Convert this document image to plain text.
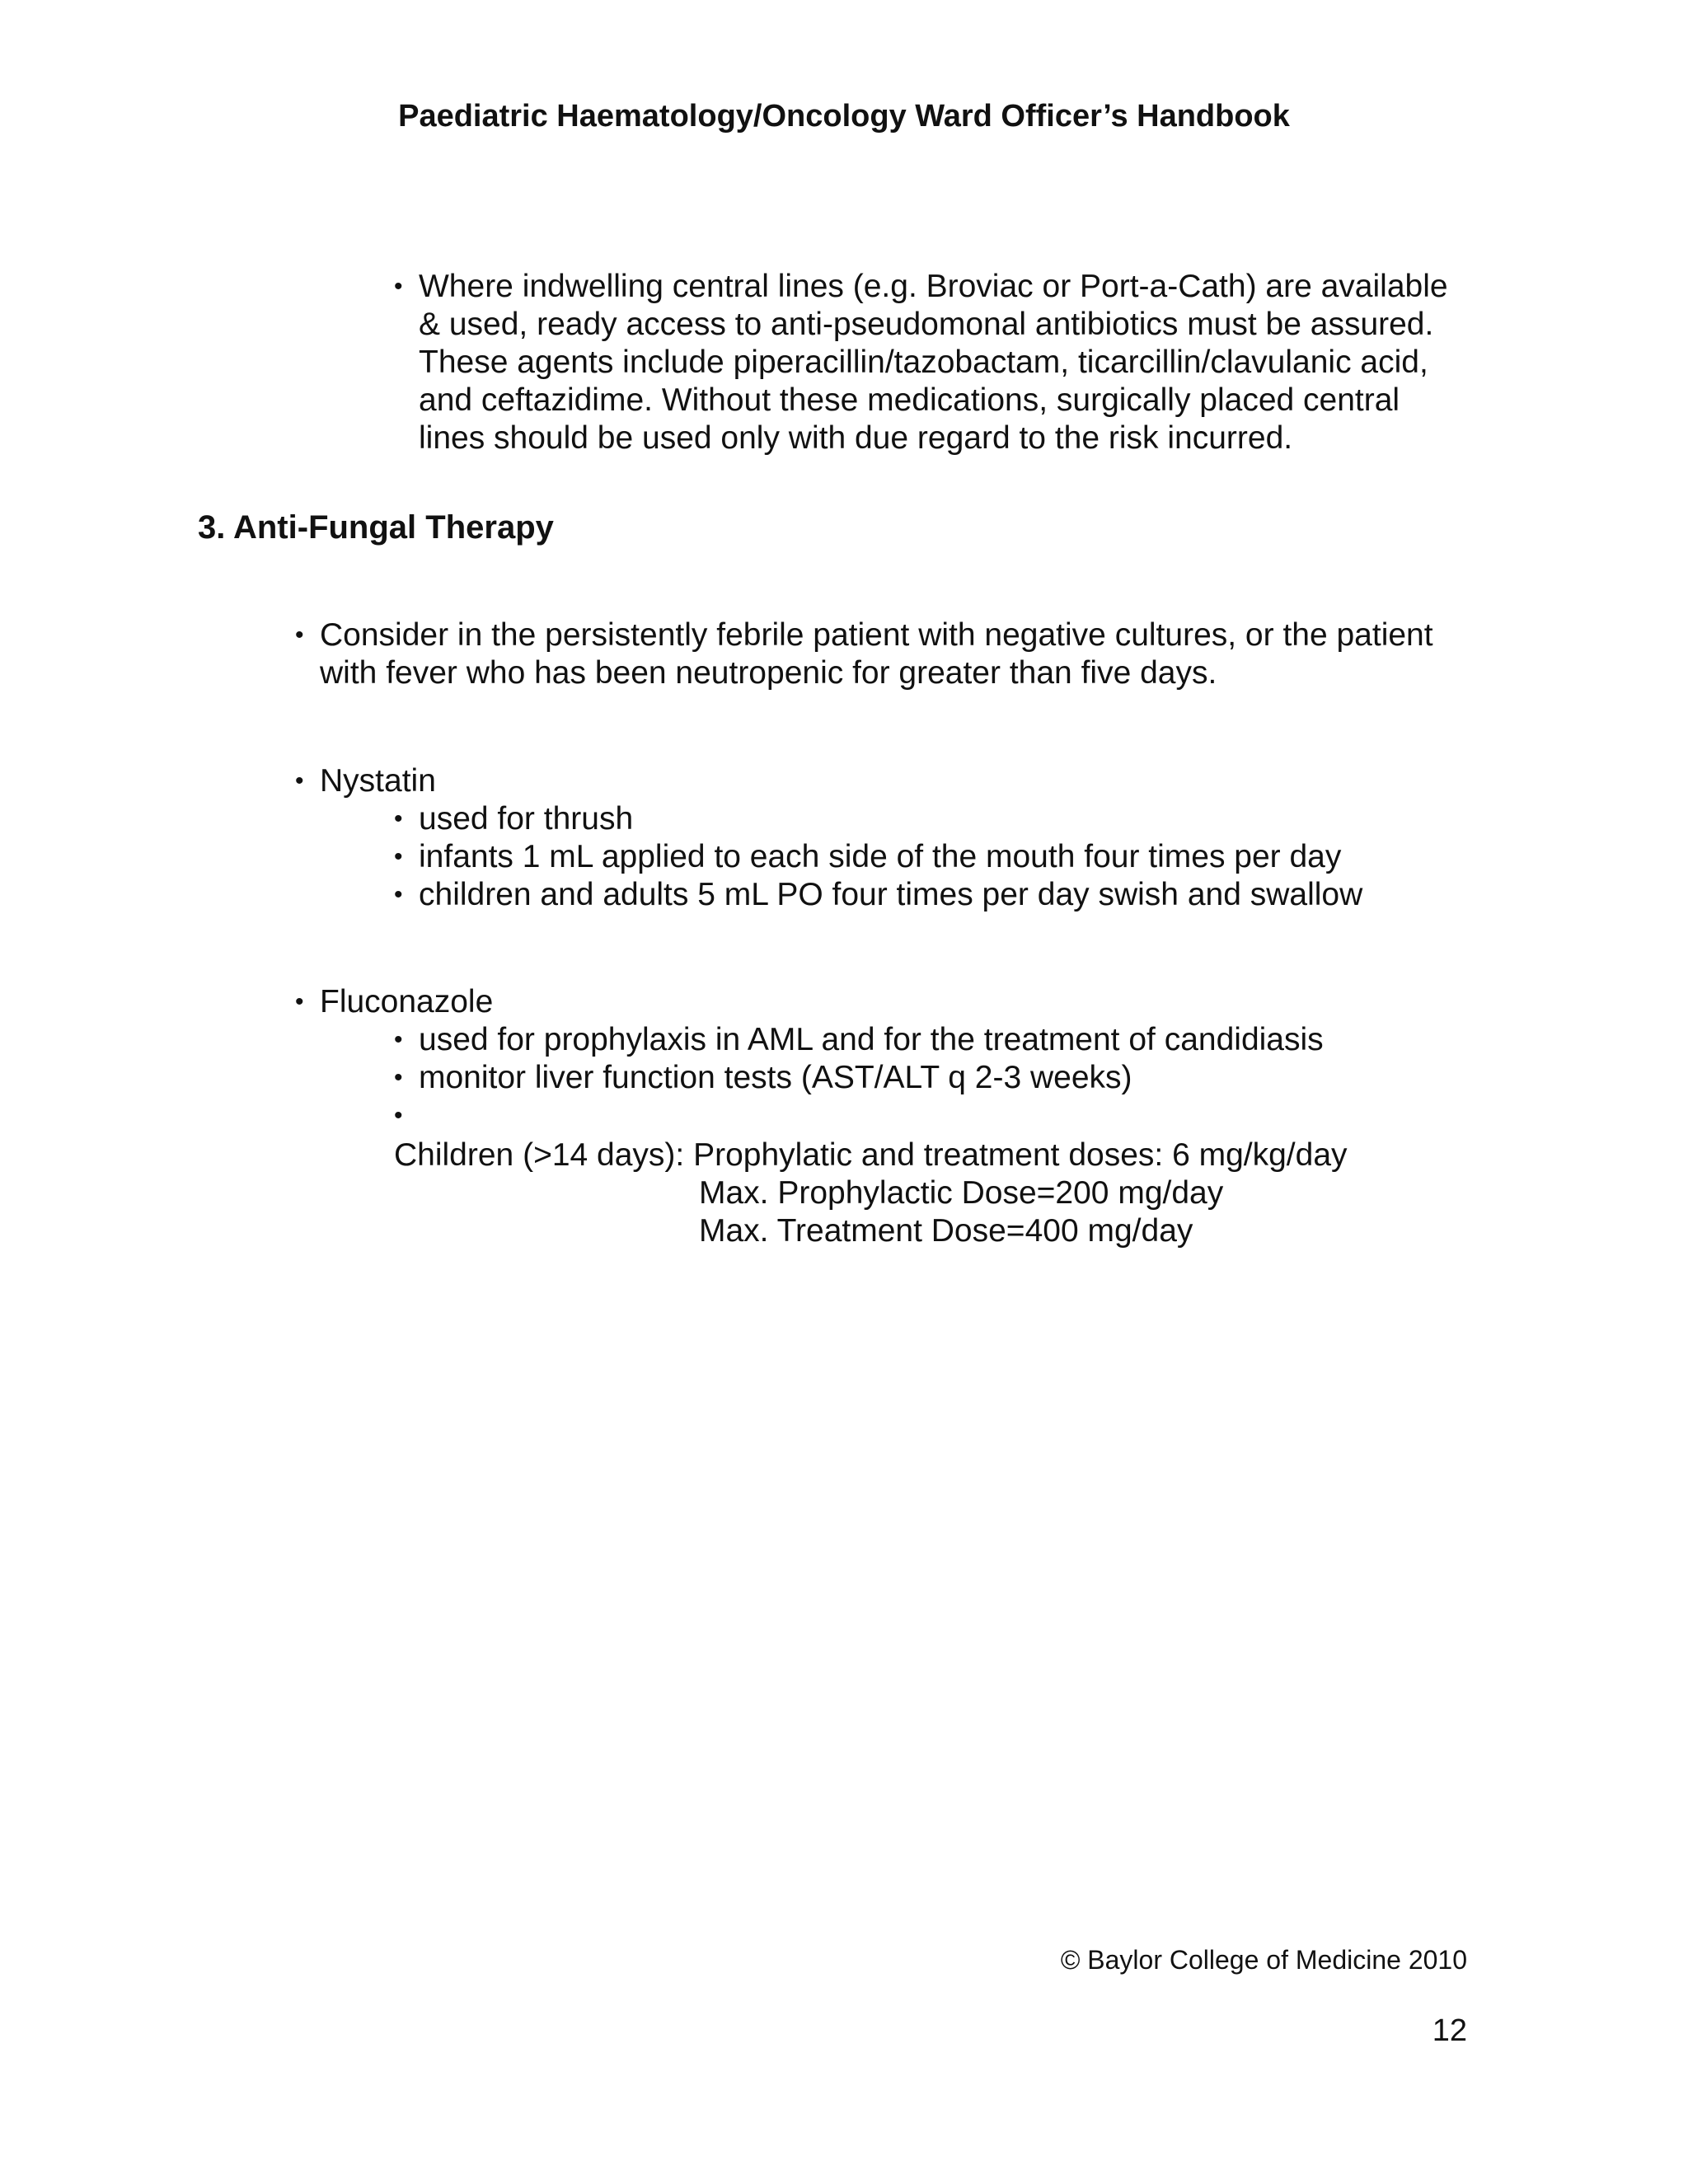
Paediatric Haematology/Oncology Ward Officer’s Handbook
• Where indwelling central lines (e.g. Broviac or Port-a-Cath) are available
& used, ready access to anti-pseudomonal antibiotics must be assured.
These agents include piperacillin/tazobactam, ticarcillin/clavulanic acid,
and ceftazidime. Without these medications, surgically placed central
lines should be used only with due regard to the risk incurred.
3. Anti-Fungal Therapy
• Consider in the persistently febrile patient with negative cultures, or the patient
with fever who has been neutropenic for greater than five days.
• Nystatin
• used for thrush
• infants 1 mL applied to each side of the mouth four times per day
• children and adults 5 mL PO four times per day swish and swallow
• Fluconazole
• used for prophylaxis in AML and for the treatment of candidiasis
• monitor liver function tests (AST/ALT q 2-3 weeks)
•
Children (>14 days): Prophylatic and treatment doses: 6 mg/kg/day
Max. Prophylactic Dose=200 mg/day
Max. Treatment Dose=400 mg/day
© Baylor College of Medicine 2010
12
